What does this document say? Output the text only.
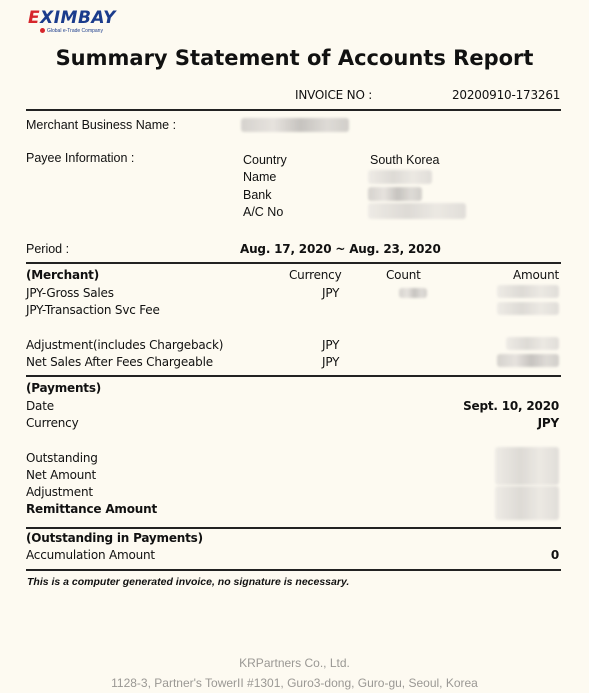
EXIMBAY
Global e-Trade Company
Summary Statement of Accounts Report
INVOICE NO :	20200910-173261
Merchant Business Name :
Payee Information :	Country	South Korea
Name
Bank
A/C No
Period :	Aug. 17, 2020 ~ Aug. 23, 2020
(Merchant)	Currency	Count	Amount
JPY-Gross Sales	JPY
JPY-Transaction Svc Fee
Adjustment(includes Chargeback)	JPY
Net Sales After Fees Chargeable	JPY
(Payments)
Date	Sept. 10, 2020
Currency	JPY
Outstanding
Net Amount
Adjustment
Remittance Amount
(Outstanding in Payments)
Accumulation Amount	0
This is a computer generated invoice, no signature is necessary.
KRPartners Co., Ltd.
1128-3, Partner's TowerII #1301, Guro3-dong, Guro-gu, Seoul, Korea
